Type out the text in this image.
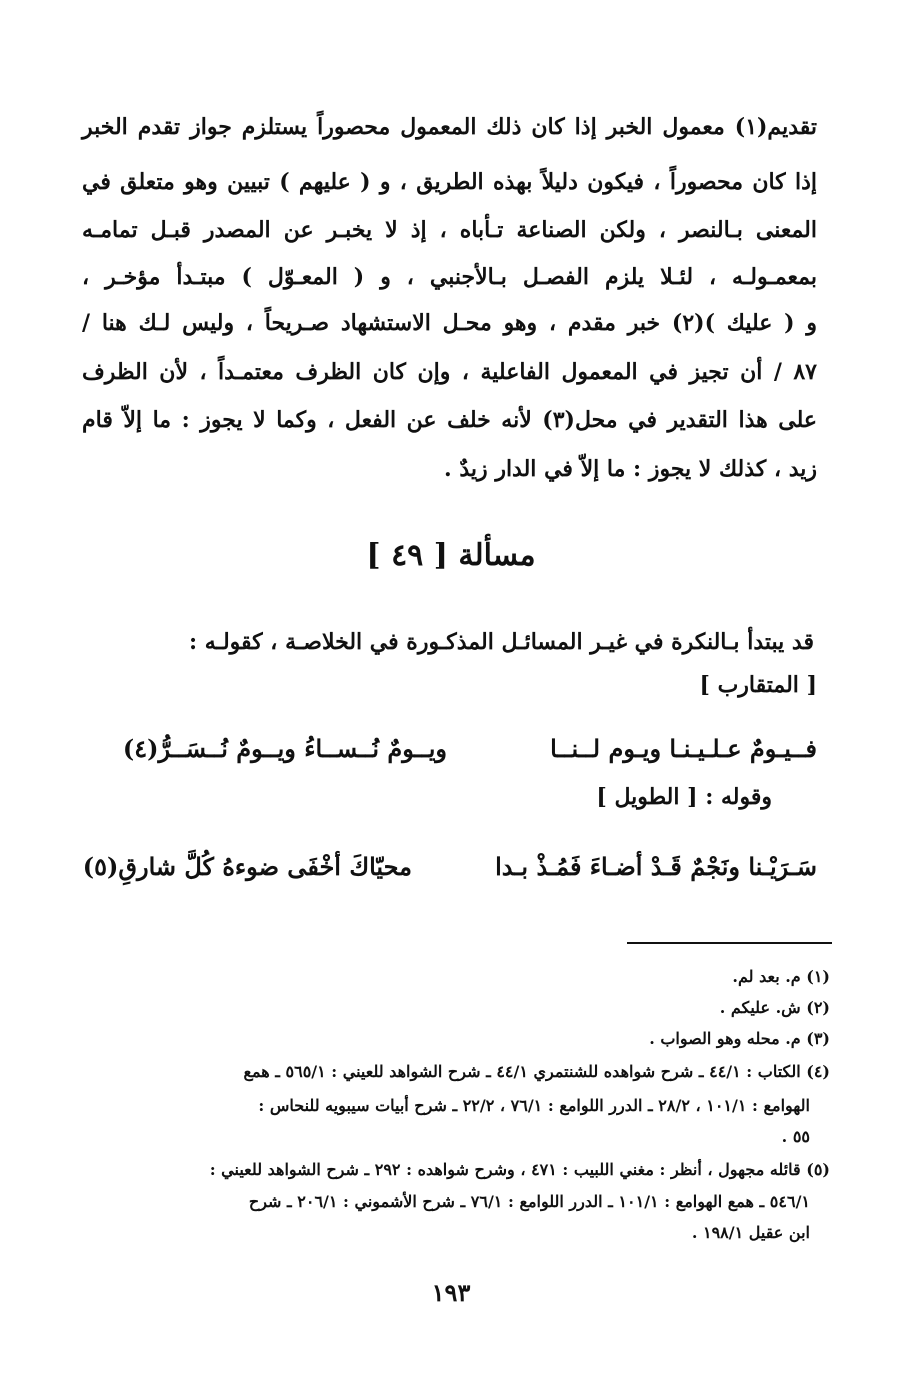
تقديم(١) معمول الخبر إذا كان ذلك المعمول محصوراً يستلزم جواز تقدم الخبر
إذا كان محصوراً ، فيكون دليلاً بهذه الطريق ، و ( عليهم ) تبيين وهو متعلق في
المعنى بـالنصر ، ولكن الصناعة تـأباه ، إذ لا يخبـر عن المصدر قبـل تمامـه
بمعمـولـه ، لئـلا يلزم الفصـل بـالأجنبي ، و ( المعـوّل ) مبتـدأ مؤخـر ،
و ( عليك )(٢) خبر مقدم ، وهو محـل الاستشهاد صـريحاً ، وليس لـك هنا /
٨٧ / أن تجيز في المعمول الفاعلية ، وإن كان الظرف معتمـداً ، لأن الظرف
على هذا التقدير في محل(٣) لأنه خلف عن الفعل ، وكما لا يجوز : ما إلاّ قام
زيد ، كذلك لا يجوز : ما إلاّ في الدار زيدٌ .
مسألة [ ٤٩ ]
قد يبتدأ بـالنكرة في غيـر المسائـل المذكـورة في الخلاصـة ، كقولـه :
[ المتقارب ]
فــيـومٌ عـلـيـنـا ويـوم لــنــا
ويــومٌ نُــســاءُ ويــومٌ نُــسَــرُّ(٤)
وقوله : [ الطويل ]
سَـرَيْـنا ونَجْمٌ قَـدْ أضـاءَ فَمُـذْ بـدا
محيّاكَ أخْفَى ضوءهُ كُلَّ شارقِ(٥)
(١) م. بعد لم.
(٢) ش. عليكم .
(٣) م. محله وهو الصواب .
(٤) الكتاب : ٤٤/١ ـ شرح شواهده للشنتمري ٤٤/١ ـ شرح الشواهد للعيني : ٥٦٥/١ ـ همع
الهوامع : ١٠١/١ ، ٢٨/٢ ـ الدرر اللوامع : ٧٦/١ ، ٢٢/٢ ـ شرح أبيات سيبويه للنحاس :
٥٥ .
(٥) قائله مجهول ، أنظر : مغني اللبيب : ٤٧١ ، وشرح شواهده : ٢٩٢ ـ شرح الشواهد للعيني :
٥٤٦/١ ـ همع الهوامع : ١٠١/١ ـ الدرر اللوامع : ٧٦/١ ـ شرح الأشموني : ٢٠٦/١ ـ شرح
ابن عقيل ١٩٨/١ .
١٩٣
